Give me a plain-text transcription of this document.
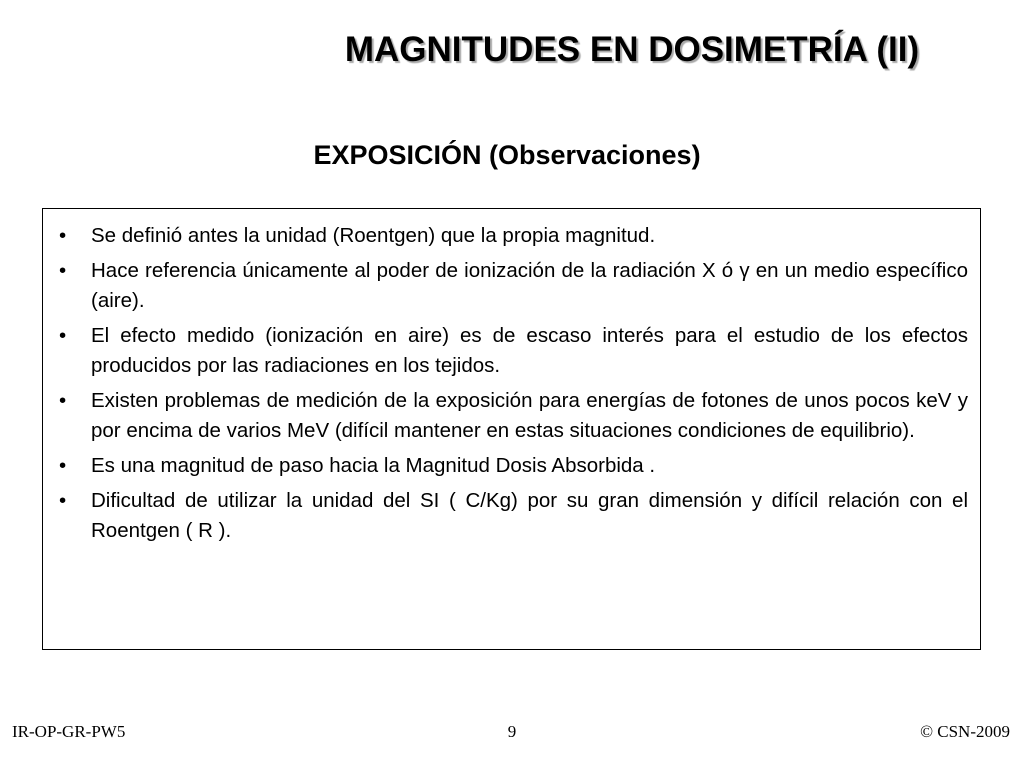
MAGNITUDES EN DOSIMETRÍA (II)
EXPOSICIÓN (Observaciones)
•	Se definió antes la unidad (Roentgen) que la propia magnitud.
•	Hace referencia únicamente al poder de ionización de la radiación X ó γ en un medio específico (aire).
•	El efecto medido (ionización en aire) es de escaso interés para el estudio de los efectos producidos por las radiaciones en los tejidos.
•	Existen problemas de medición de la exposición para energías de fotones de unos pocos keV y por encima de varios MeV (difícil mantener en estas situaciones condiciones de equilibrio).
•	Es una magnitud de paso hacia la Magnitud Dosis Absorbida .
•	Dificultad de utilizar la unidad del SI ( C/Kg) por su gran dimensión y difícil relación con el Roentgen ( R ).

IR-OP-GR-PW5	9	© CSN-2009
